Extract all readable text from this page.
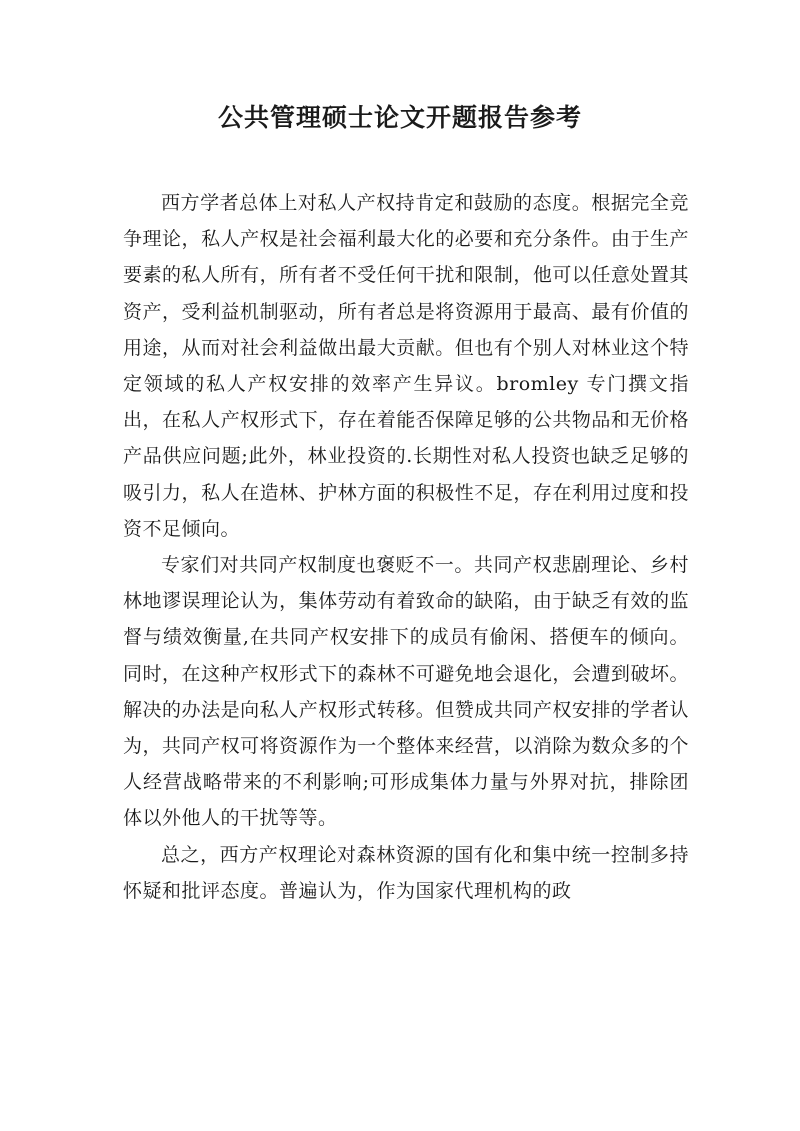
公共管理硕士论文开题报告参考

西方学者总体上对私人产权持肯定和鼓励的态度。根据完全竞争理论，私人产权是社会福利最大化的必要和充分条件。由于生产要素的私人所有，所有者不受任何干扰和限制，他可以任意处置其资产，受利益机制驱动，所有者总是将资源用于最高、最有价值的用途，从而对社会利益做出最大贡献。但也有个别人对林业这个特定领域的私人产权安排的效率产生异议。bromley 专门撰文指出，在私人产权形式下，存在着能否保障足够的公共物品和无价格产品供应问题;此外，林业投资的.长期性对私人投资也缺乏足够的吸引力，私人在造林、护林方面的积极性不足，存在利用过度和投资不足倾向。

专家们对共同产权制度也褒贬不一。共同产权悲剧理论、乡村林地谬误理论认为，集体劳动有着致命的缺陷，由于缺乏有效的监督与绩效衡量,在共同产权安排下的成员有偷闲、搭便车的倾向。同时，在这种产权形式下的森林不可避免地会退化，会遭到破坏。解决的办法是向私人产权形式转移。但赞成共同产权安排的学者认为，共同产权可将资源作为一个整体来经营，以消除为数众多的个人经营战略带来的不利影响;可形成集体力量与外界对抗，排除团体以外他人的干扰等等。

总之，西方产权理论对森林资源的国有化和集中统一控制多持怀疑和批评态度。普遍认为，作为国家代理机构的政
